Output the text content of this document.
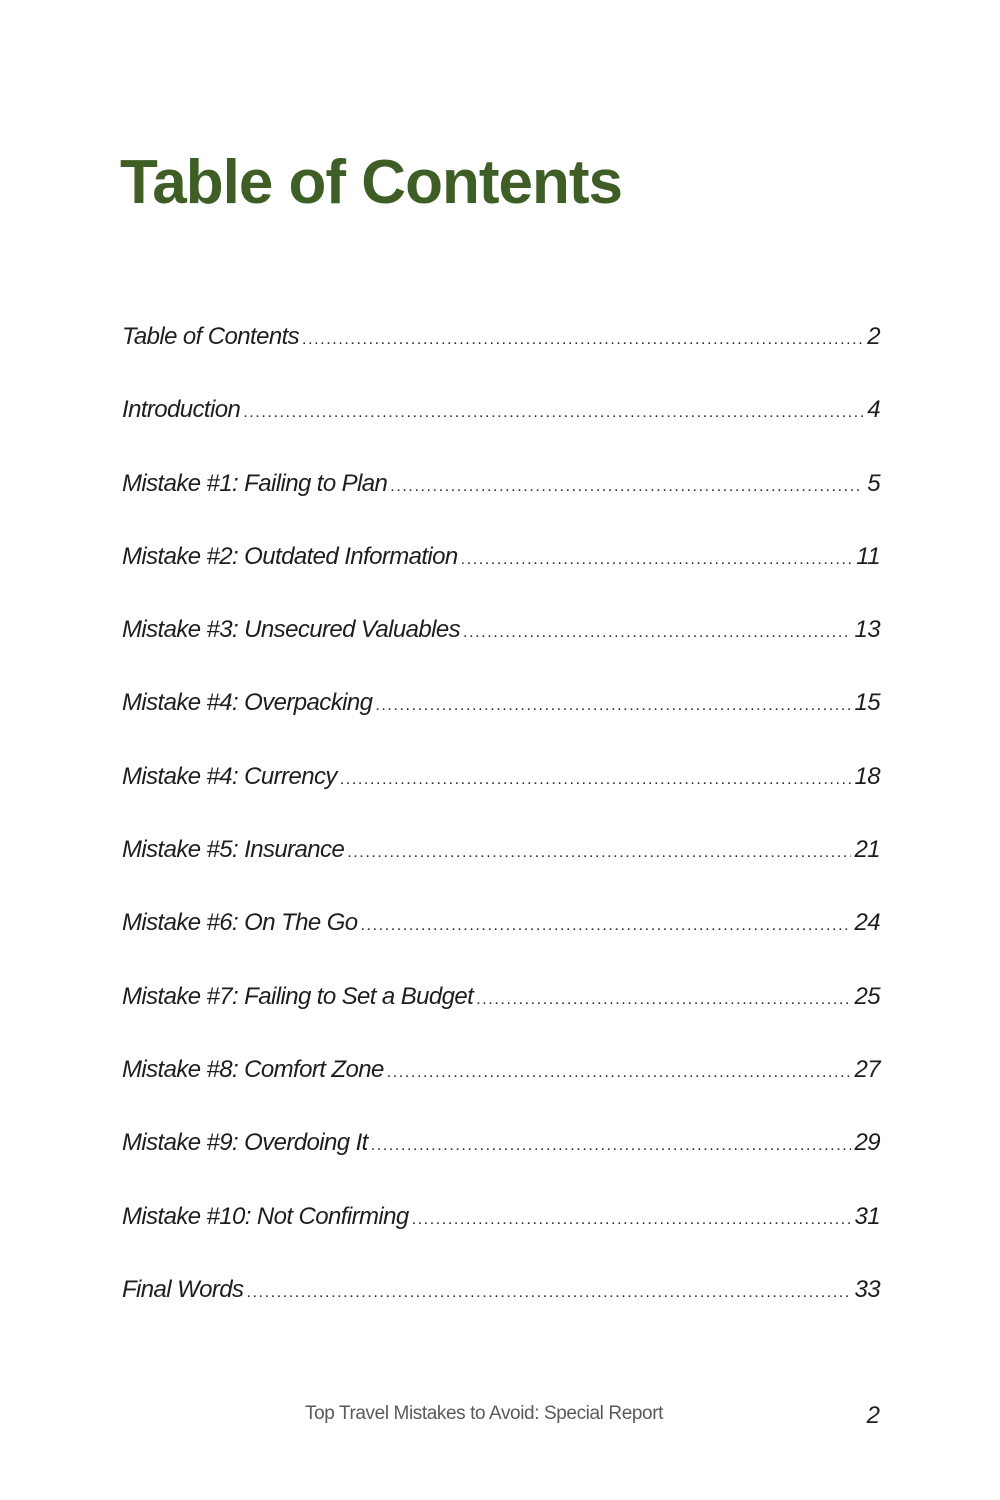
Table of Contents
Table of Contents .....	2
Introduction .....	4
Mistake #1: Failing to Plan .....	5
Mistake #2: Outdated Information .....	11
Mistake #3: Unsecured Valuables .....	13
Mistake #4: Overpacking .....	15
Mistake #4: Currency .....	18
Mistake #5: Insurance .....	21
Mistake #6: On The Go .....	24
Mistake #7: Failing to Set a Budget .....	25
Mistake #8: Comfort Zone .....	27
Mistake #9: Overdoing It .....	29
Mistake #10: Not Confirming .....	31
Final Words .....	33
Top Travel Mistakes to Avoid: Special Report	2
